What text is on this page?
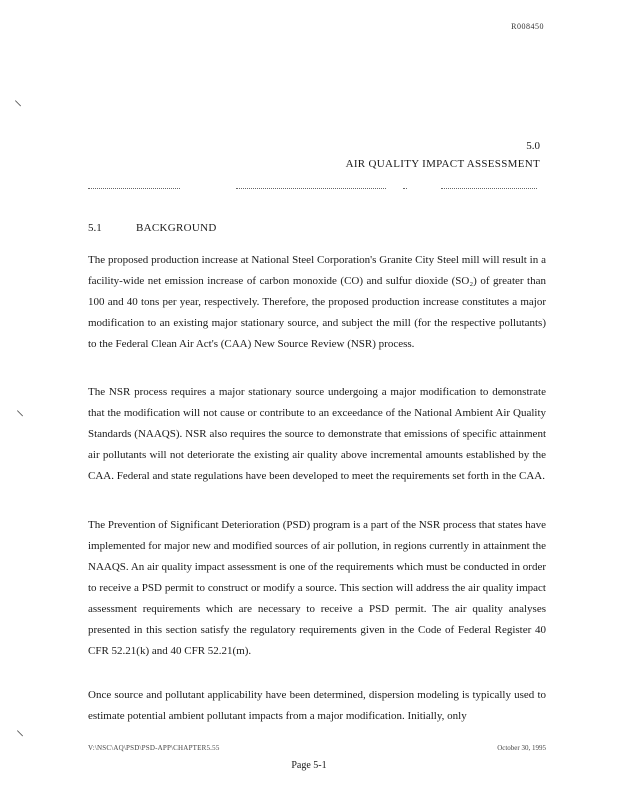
R008450
⸜
⸜
⸜
5.0
AIR QUALITY IMPACT ASSESSMENT
5.1	BACKGROUND

The proposed production increase at National Steel Corporation's Granite City Steel mill will result in a facility-wide net emission increase of carbon monoxide (CO) and sulfur dioxide (SO₂) of greater than 100 and 40 tons per year, respectively. Therefore, the proposed production increase constitutes a major modification to an existing major stationary source, and subject the mill (for the respective pollutants) to the Federal Clean Air Act's (CAA) New Source Review (NSR) process.

The NSR process requires a major stationary source undergoing a major modification to demonstrate that the modification will not cause or contribute to an exceedance of the National Ambient Air Quality Standards (NAAQS). NSR also requires the source to demonstrate that emissions of specific attainment air pollutants will not deteriorate the existing air quality above incremental amounts established by the CAA. Federal and state regulations have been developed to meet the requirements set forth in the CAA.

The Prevention of Significant Deterioration (PSD) program is a part of the NSR process that states have implemented for major new and modified sources of air pollution, in regions currently in attainment the NAAQS. An air quality impact assessment is one of the requirements which must be conducted in order to receive a PSD permit to construct or modify a source. This section will address the air quality impact assessment requirements which are necessary to receive a PSD permit. The air quality analyses presented in this section satisfy the regulatory requirements given in the Code of Federal Register 40 CFR 52.21(k) and 40 CFR 52.21(m).

Once source and pollutant applicability have been determined, dispersion modeling is typically used to estimate potential ambient pollutant impacts from a major modification. Initially, only

V:\NSC\AQ\PSD\PSD-APP\CHAPTER5.55	October 30, 1995
Page 5-1
